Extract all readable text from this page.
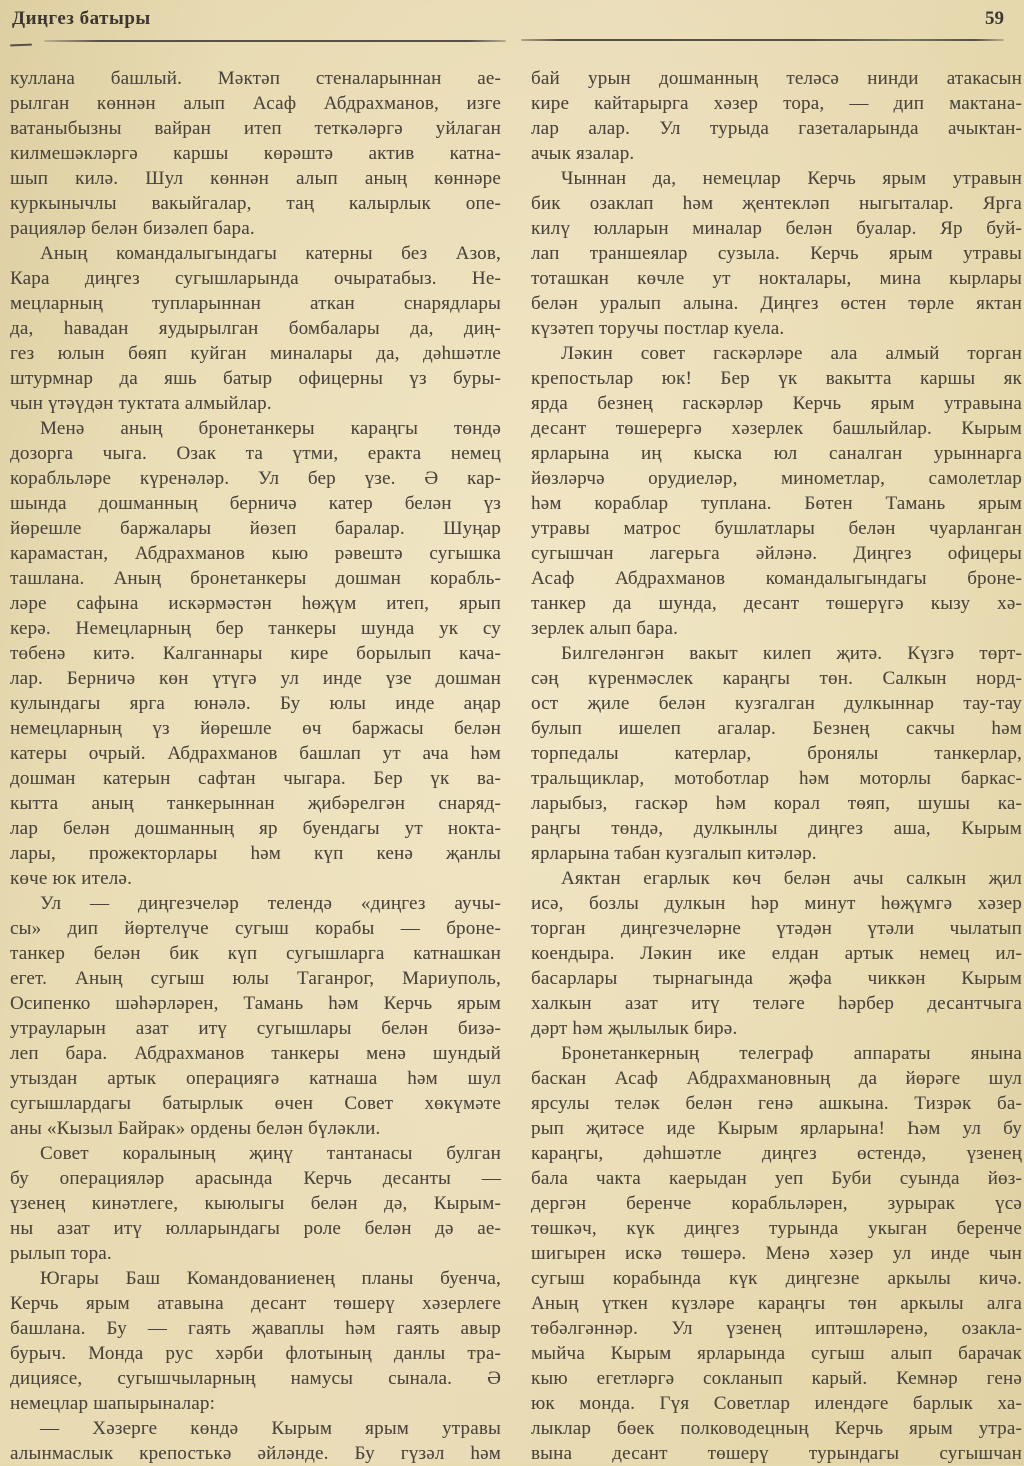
Диңгез батыры	59
куллана башлый. Мәктәп стеналарыннан ае-
рылган көннән алып Асаф Абдрахманов, изге
ватаныбызны вайран итеп теткәләргә уйлаган
килмешәкләргә каршы көрәштә актив катна-
шып килә. Шул көннән алып аның көннәре
куркынычлы вакыйгалар, таң калырлык опе-
рацияләр белән бизәлеп бара.
Аның командалыгындагы катерны без Азов,
Кара диңгез сугышларында очыратабыз. Не-
мецларның тупларыннан аткан снарядлары
да, һавадан яудырылган бомбалары да, диң-
гез юлын бөяп куйган миналары да, дәһшәтле
штурмнар да яшь батыр офицерны үз буры-
чын үтәүдән туктата алмыйлар.
Менә аның бронетанкеры караңгы төндә
дозорга чыга. Озак та үтми, еракта немец
корабльләре күренәләр. Ул бер үзе. Ә кар-
шында дошманның берничә катер белән үз
йөрешле баржалары йөзеп баралар. Шуңар
карамастан, Абдрахманов кыю рәвештә сугышка
ташлана. Аның бронетанкеры дошман корабль-
ләре сафына искәрмәстән һөҗүм итеп, ярып
керә. Немецларның бер танкеры шунда ук су
төбенә китә. Калганнары кире борылып кача-
лар. Берничә көн үтүгә ул инде үзе дошман
кулындагы ярга юнәлә. Бу юлы инде аңар
немецларның үз йөрешле өч баржасы белән
катеры очрый. Абдрахманов башлап ут ача һәм
дошман катерын сафтан чыгара. Бер үк ва-
кытта аның танкерыннан җибәрелгән снаряд-
лар белән дошманның яр буендагы ут нокта-
лары, прожекторлары һәм күп кенә җанлы
көче юк ителә.
Ул — диңгезчеләр телендә «диңгез аучы-
сы» дип йөртелүче сугыш корабы — броне-
танкер белән бик күп сугышларга катнашкан
егет. Аның сугыш юлы Таганрог, Мариуполь,
Осипенко шәһәрләрен, Тамань һәм Керчь ярым
утрауларын азат итү сугышлары белән бизә-
леп бара. Абдрахманов танкеры менә шундый
утыздан артык операциягә катнаша һәм шул
сугышлардагы батырлык өчен Совет хөкүмәте
аны «Кызыл Байрак» ордены белән бүләкли.
Совет коралының җиңү тантанасы булган
бу операцияләр арасында Керчь десанты —
үзенең кинәтлеге, кыюлыгы белән дә, Кырым-
ны азат итү юлларындагы роле белән дә ае-
рылып тора.
Югары Баш Командованиенең планы буенча,
Керчь ярым атавына десант төшерү хәзерлеге
башлана. Бу — гаять җаваплы һәм гаять авыр
бурыч. Монда рус хәрби флотының данлы тра-
дициясе, сугышчыларның намусы сынала. Ә
немецлар шапырыналар:
— Хәзерге көндә Кырым ярым утравы
алынмаслык крепостькә әйләнде. Бу гүзәл һәм
бай урын дошманның теләсә нинди атакасын
кире кайтарырга хәзер тора, — дип мактана-
лар алар. Ул турыда газеталарында ачыктан-
ачык язалар.
Чыннан да, немецлар Керчь ярым утравын
бик озаклап һәм җентекләп ныгыталар. Ярга
килү юлларын миналар белән буалар. Яр буй-
лап траншеялар сузыла. Керчь ярым утравы
тоташкан көчле ут нокталары, мина кырлары
белән уралып алына. Диңгез өстен төрле яктан
күзәтеп торучы постлар куела.
Ләкин совет гаскәрләре ала алмый торган
крепостьлар юк! Бер үк вакытта каршы як
ярда безнең гаскәрләр Керчь ярым утравына
десант төшерергә хәзерлек башлыйлар. Кырым
ярларына иң кыска юл саналган урыннарга
йөзләрчә орудиеләр, минометлар, самолетлар
һәм кораблар туплана. Бөтен Тамань ярым
утравы матрос бушлатлары белән чуарланган
сугышчан лагерьга әйләнә. Диңгез офицеры
Асаф Абдрахманов командалыгындагы броне-
танкер да шунда, десант төшерүгә кызу хә-
зерлек алып бара.
Билгеләнгән вакыт килеп җитә. Күзгә төрт-
сәң күренмәслек караңгы төн. Салкын норд-
ост җиле белән кузгалган дулкыннар тау-тау
булып ишелеп агалар. Безнең сакчы һәм
торпедалы катерлар, бронялы танкерлар,
тральщиклар, мотоботлар һәм моторлы баркас-
ларыбыз, гаскәр һәм корал төяп, шушы ка-
раңгы төндә, дулкынлы диңгез аша, Кырым
ярларына табан кузгалып китәләр.
Аяктан егарлык көч белән ачы салкын җил
исә, бозлы дулкын һәр минут һөҗүмгә хәзер
торган диңгезчеләрне үтәдән үтәли чылатып
коендыра. Ләкин ике елдан артык немец ил-
басарлары тырнагында җәфа чиккән Кырым
халкын азат итү теләге һәрбер десантчыга
дәрт һәм җылылык бирә.
Бронетанкерның телеграф аппараты янына
баскан Асаф Абдрахмановның да йөрәге шул
ярсулы теләк белән генә ашкына. Тизрәк ба-
рып җитәсе иде Кырым ярларына! Һәм ул бу
караңгы, дәһшәтле диңгез өстендә, үзенең
бала чакта каерыдан уеп Буби суында йөз-
дергән беренче корабльләрен, зурырак үсә
төшкәч, күк диңгез турында укыган беренче
шигырен искә төшерә. Менә хәзер ул инде чын
сугыш корабында күк диңгезне аркылы кичә.
Аның үткен күзләре караңгы төн аркылы алга
төбәлгәннәр. Ул үзенең иптәшләренә, озакла-
мыйча Кырым ярларында сугыш алып барачак
кыю егетләргә сокланып карый. Кемнәр генә
юк монда. Гүя Советлар илендәге барлык ха-
лыклар бөек полководецның Керчь ярым утра-
вына десант төшерү турындагы сугышчан
